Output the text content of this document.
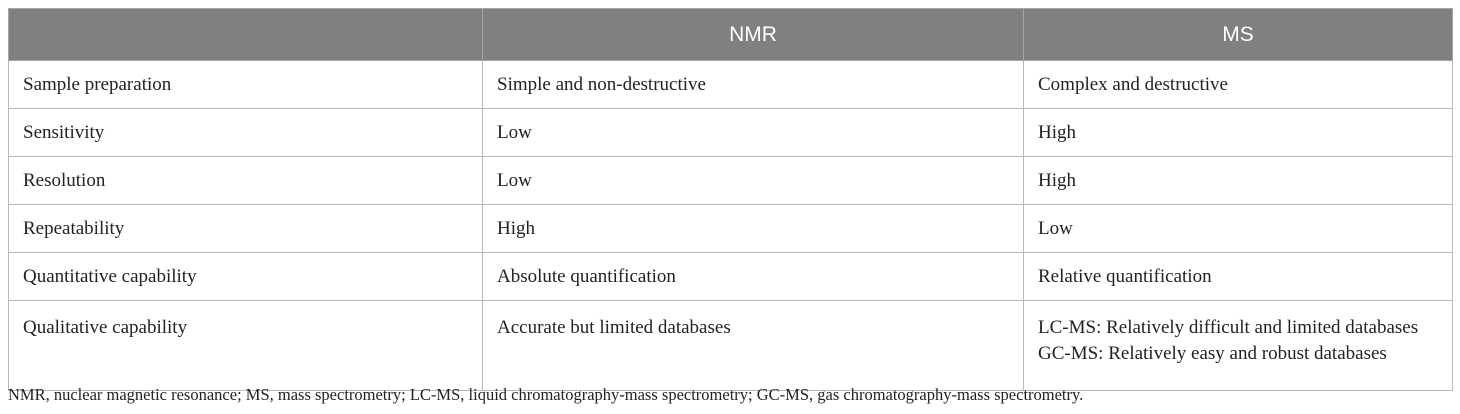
	NMR	MS
Sample preparation	Simple and non-destructive	Complex and destructive

Sensitivity	Low	High

Resolution	Low	High

Repeatability	High	Low

Quantitative capability	Absolute quantification	Relative quantification

Qualitative capability	Accurate but limited databases	LC-MS: Relatively difficult and limited databases
GC-MS: Relatively easy and robust databases
NMR, nuclear magnetic resonance; MS, mass spectrometry; LC-MS, liquid chromatography-mass spectrometry; GC-MS, gas chromatography-mass spectrometry.
